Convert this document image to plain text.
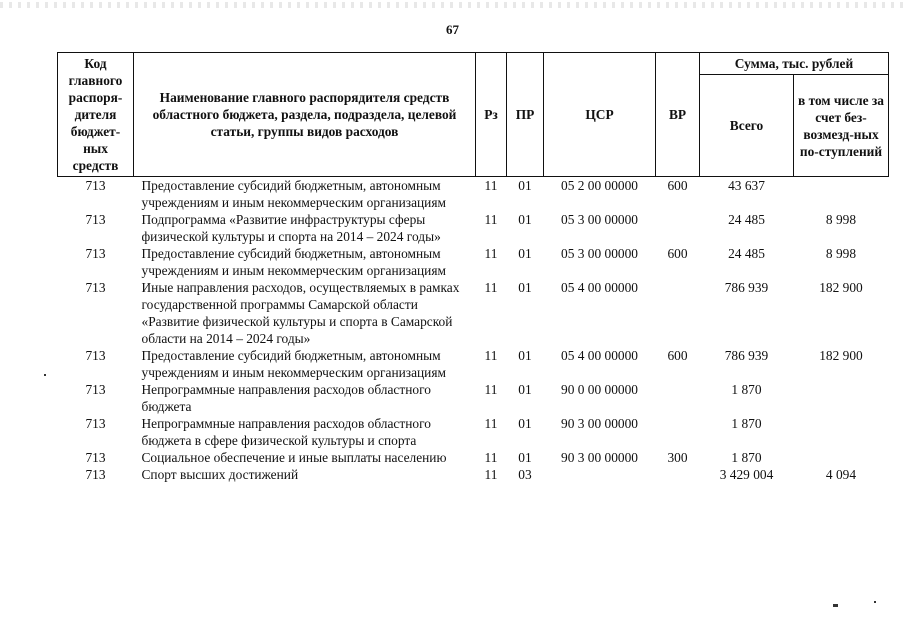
67
Код главного распоря-дителя бюджет-ных средств	Наименование главного распорядителя средств областного бюджета, раздела, подраздела, целевой статьи, группы видов расходов	Рз	ПР	ЦСР	ВР	Сумма, тыс. рублей	
						Всего	в том числе за счет без-возмезд-ных по-ступлений
713	Предоставление субсидий бюджетным, автономным учреждениям и иным некоммерческим организациям	11	01	05 2 00 00000	600	43 637	
713	Подпрограмма «Развитие инфраструктуры сферы физической культуры и спорта на 2014 – 2024 годы»	11	01	05 3 00 00000		24 485	8 998
713	Предоставление субсидий бюджетным, автономным учреждениям и иным некоммерческим организациям	11	01	05 3 00 00000	600	24 485	8 998
713	Иные направления расходов, осуществляемых в рамках государственной программы Самарской области «Развитие физической культуры и спорта в Самарской области на 2014 – 2024 годы»	11	01	05 4 00 00000		786 939	182 900
713	Предоставление субсидий бюджетным, автономным учреждениям и иным некоммерческим организациям	11	01	05 4 00 00000	600	786 939	182 900
713	Непрограммные направления расходов областного бюджета	11	01	90 0 00 00000		1 870	
713	Непрограммные направления расходов областного бюджета в сфере физической культуры и спорта	11	01	90 3 00 00000		1 870	
713	Социальное обеспечение и иные выплаты населению	11	01	90 3 00 00000	300	1 870	
713	Спорт высших достижений	11	03			3 429 004	4 094
